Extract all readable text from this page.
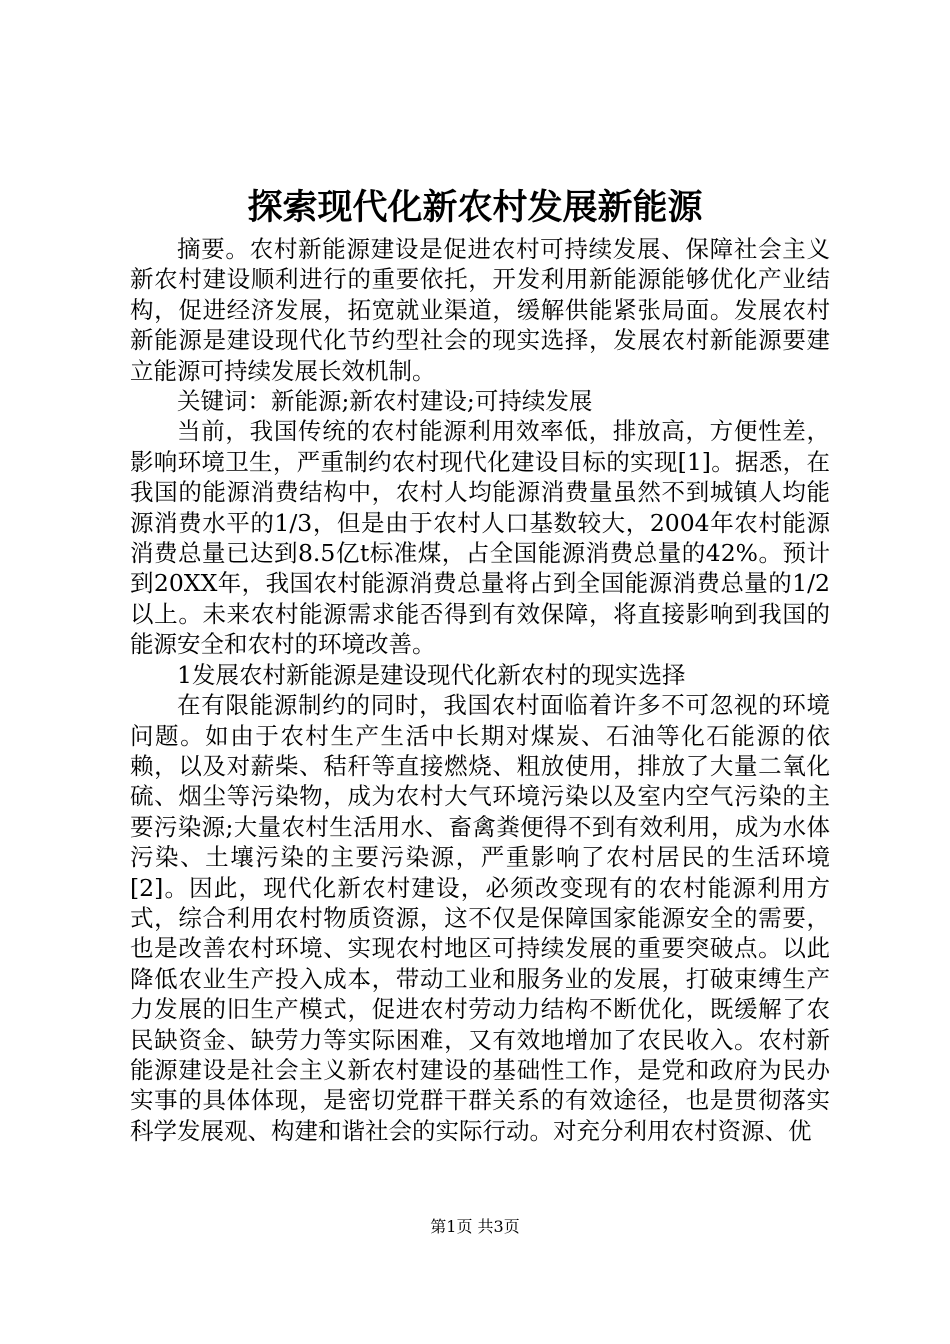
探索现代化新农村发展新能源

摘要。农村新能源建设是促进农村可持续发展、保障社会主义新农村建设顺利进行的重要依托，开发利用新能源能够优化产业结构，促进经济发展，拓宽就业渠道，缓解供能紧张局面。发展农村新能源是建设现代化节约型社会的现实选择，发展农村新能源要建立能源可持续发展长效机制。

关键词：新能源;新农村建设;可持续发展

当前，我国传统的农村能源利用效率低，排放高，方便性差，影响环境卫生，严重制约农村现代化建设目标的实现[1]。据悉，在我国的能源消费结构中，农村人均能源消费量虽然不到城镇人均能源消费水平的1/3，但是由于农村人口基数较大，2004年农村能源消费总量已达到8.5亿t标准煤，占全国能源消费总量的42%。预计到20XX年，我国农村能源消费总量将占到全国能源消费总量的1/2以上。未来农村能源需求能否得到有效保障，将直接影响到我国的能源安全和农村的环境改善。

1发展农村新能源是建设现代化新农村的现实选择

在有限能源制约的同时，我国农村面临着许多不可忽视的环境问题。如由于农村生产生活中长期对煤炭、石油等化石能源的依赖，以及对薪柴、秸秆等直接燃烧、粗放使用，排放了大量二氧化硫、烟尘等污染物，成为农村大气环境污染以及室内空气污染的主要污染源;大量农村生活用水、畜禽粪便得不到有效利用，成为水体污染、土壤污染的主要污染源，严重影响了农村居民的生活环境[2]。因此，现代化新农村建设，必须改变现有的农村能源利用方式，综合利用农村物质资源，这不仅是保障国家能源安全的需要，也是改善农村环境、实现农村地区可持续发展的重要突破点。以此降低农业生产投入成本，带动工业和服务业的发展，打破束缚生产力发展的旧生产模式，促进农村劳动力结构不断优化，既缓解了农民缺资金、缺劳力等实际困难，又有效地增加了农民收入。农村新能源建设是社会主义新农村建设的基础性工作，是党和政府为民办实事的具体体现，是密切党群干群关系的有效途径，也是贯彻落实科学发展观、构建和谐社会的实际行动。对充分利用农村资源、优

第1页 共3页
